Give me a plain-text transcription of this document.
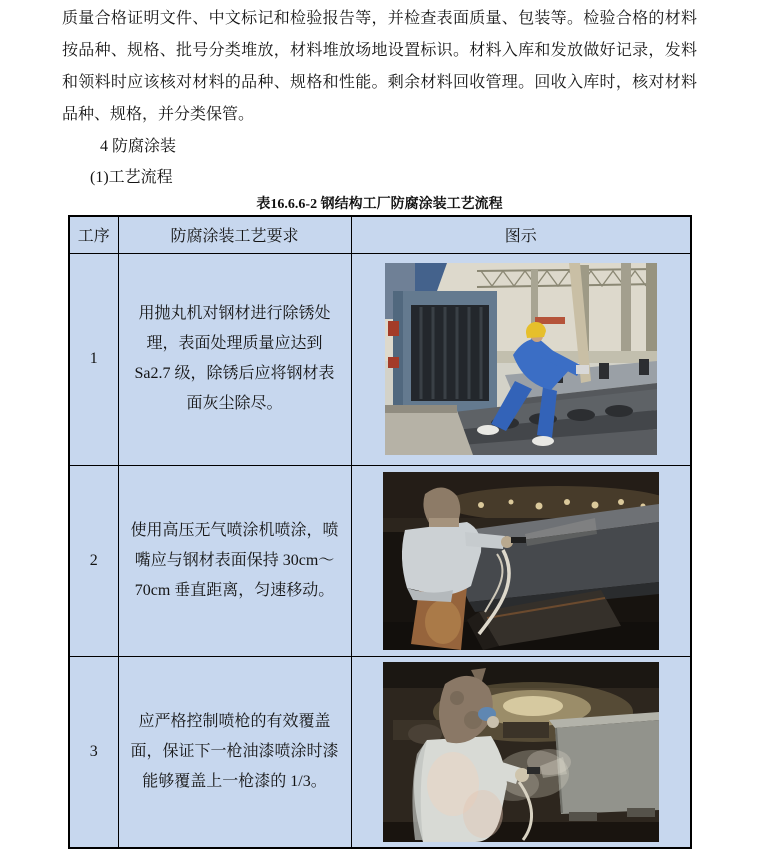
质量合格证明文件、中文标记和检验报告等，并检查表面质量、包装等。检验合格的材料按品种、规格、批号分类堆放，材料堆放场地设置标识。材料入库和发放做好记录，发料和领料时应该核对材料的品种、规格和性能。剩余材料回收管理。回收入库时，核对材料品种、规格，并分类保管。

4 防腐涂装

(1)工艺流程

表16.6.6-2 钢结构工厂防腐涂装工艺流程

工序	防腐涂装工艺要求	图示
1	用抛丸机对钢材进行除锈处理，表面处理质量应达到 Sa2.7 级，除锈后应将钢材表面灰尘除尽。	

2	使用高压无气喷涂机喷涂，喷嘴应与钢材表面保持 30cm～70cm 垂直距离，匀速移动。	

3	应严格控制喷枪的有效覆盖面，保证下一枪油漆喷涂时漆能够覆盖上一枪漆的 1/3。	
